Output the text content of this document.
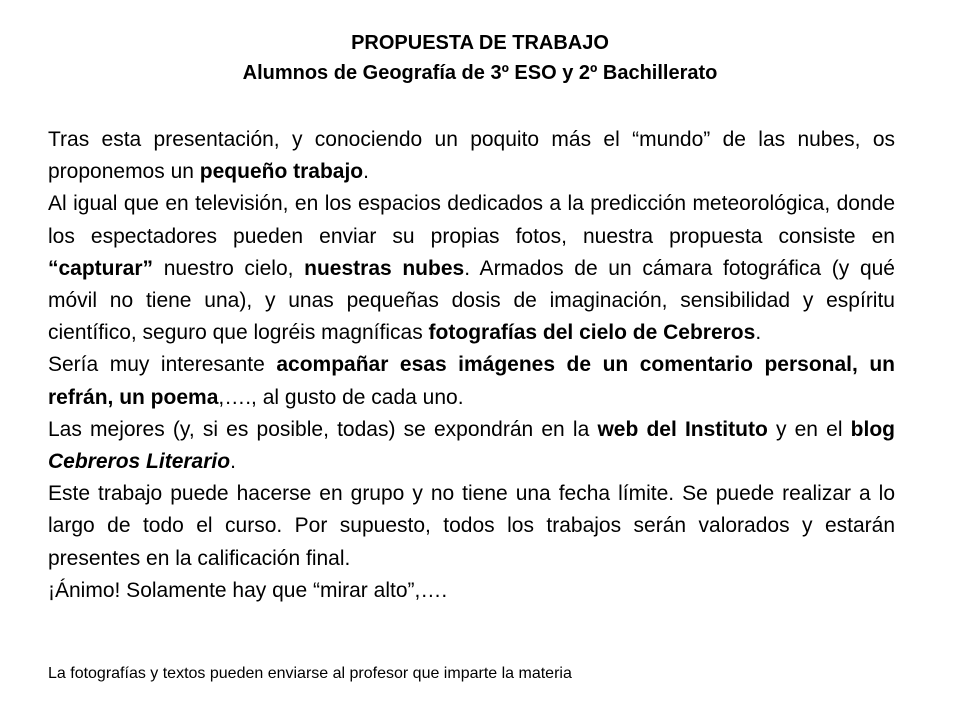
PROPUESTA DE TRABAJO
Alumnos de Geografía de 3º ESO y 2º Bachillerato

Tras esta presentación, y conociendo un poquito más el “mundo” de las nubes, os proponemos un pequeño trabajo.

Al igual que en televisión, en los espacios dedicados a la predicción meteorológica, donde los espectadores pueden enviar su propias fotos, nuestra propuesta consiste en “capturar” nuestro cielo, nuestras nubes. Armados de un cámara fotográfica (y qué móvil no tiene una), y unas pequeñas dosis de imaginación, sensibilidad y espíritu científico, seguro que logréis magníficas fotografías del cielo de Cebreros.

Sería muy interesante acompañar esas imágenes de un comentario personal, un refrán, un poema,…., al gusto de cada uno.

Las mejores (y, si es posible, todas) se expondrán en la web del Instituto y en el blog Cebreros Literario.

Este trabajo puede hacerse en grupo y no tiene una fecha límite. Se puede realizar a lo largo de todo el curso. Por supuesto, todos los trabajos serán valorados y estarán presentes en la calificación final.

¡Ánimo! Solamente hay que “mirar alto”,….

La fotografías y textos pueden enviarse al profesor que imparte la materia
